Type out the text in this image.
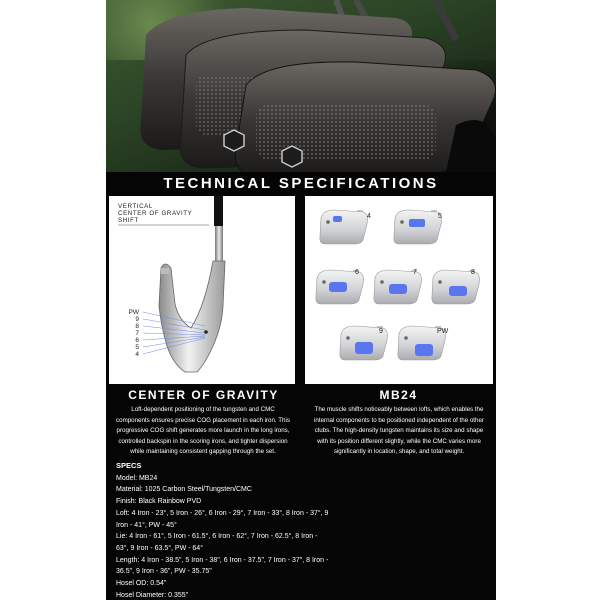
TECHNICAL SPECIFICATIONS
VERTICAL
CENTER OF GRAVITY
SHIFT
PW
9
8
7
6
5
4
4	5
6	7	8
9	PW
CENTER OF GRAVITY	MB24
Loft-dependent positioning of the tungsten and CMC
components ensures precise COG placement in each iron. This
progressive COG shift generates more launch in the long irons,
controlled backspin in the scoring irons, and tighter dispersion
while maintaining consistent gapping through the set.
The muscle shifts noticeably between lofts, which enables the
internal components to be positioned independent of the other
clubs. The high-density tungsten maintains its size and shape
with its position different slightly, while the CMC varies more
significantly in location, shape, and total weight.
SPECS
Model: MB24
Material: 1025 Carbon Steel/Tungsten/CMC
Finish: Black Rainbow PVD
Loft: 4 Iron - 23°, 5 Iron - 26°, 6 Iron - 29°, 7 Iron - 33°, 8 Iron - 37°, 9
Iron - 41°, PW - 45°
Lie: 4 Iron - 61°, 5 Iron - 61.5°, 6 Iron - 62°, 7 Iron - 62.5°, 8 Iron -
63°, 9 Iron - 63.5°, PW - 64°
Length: 4 Iron - 38.5", 5 Iron - 38", 6 Iron - 37.5", 7 Iron - 37", 8 Iron -
36.5", 9 Iron - 36", PW - 35.75"
Hosel OD: 0.54"
Hosel Diameter: 0.355"
